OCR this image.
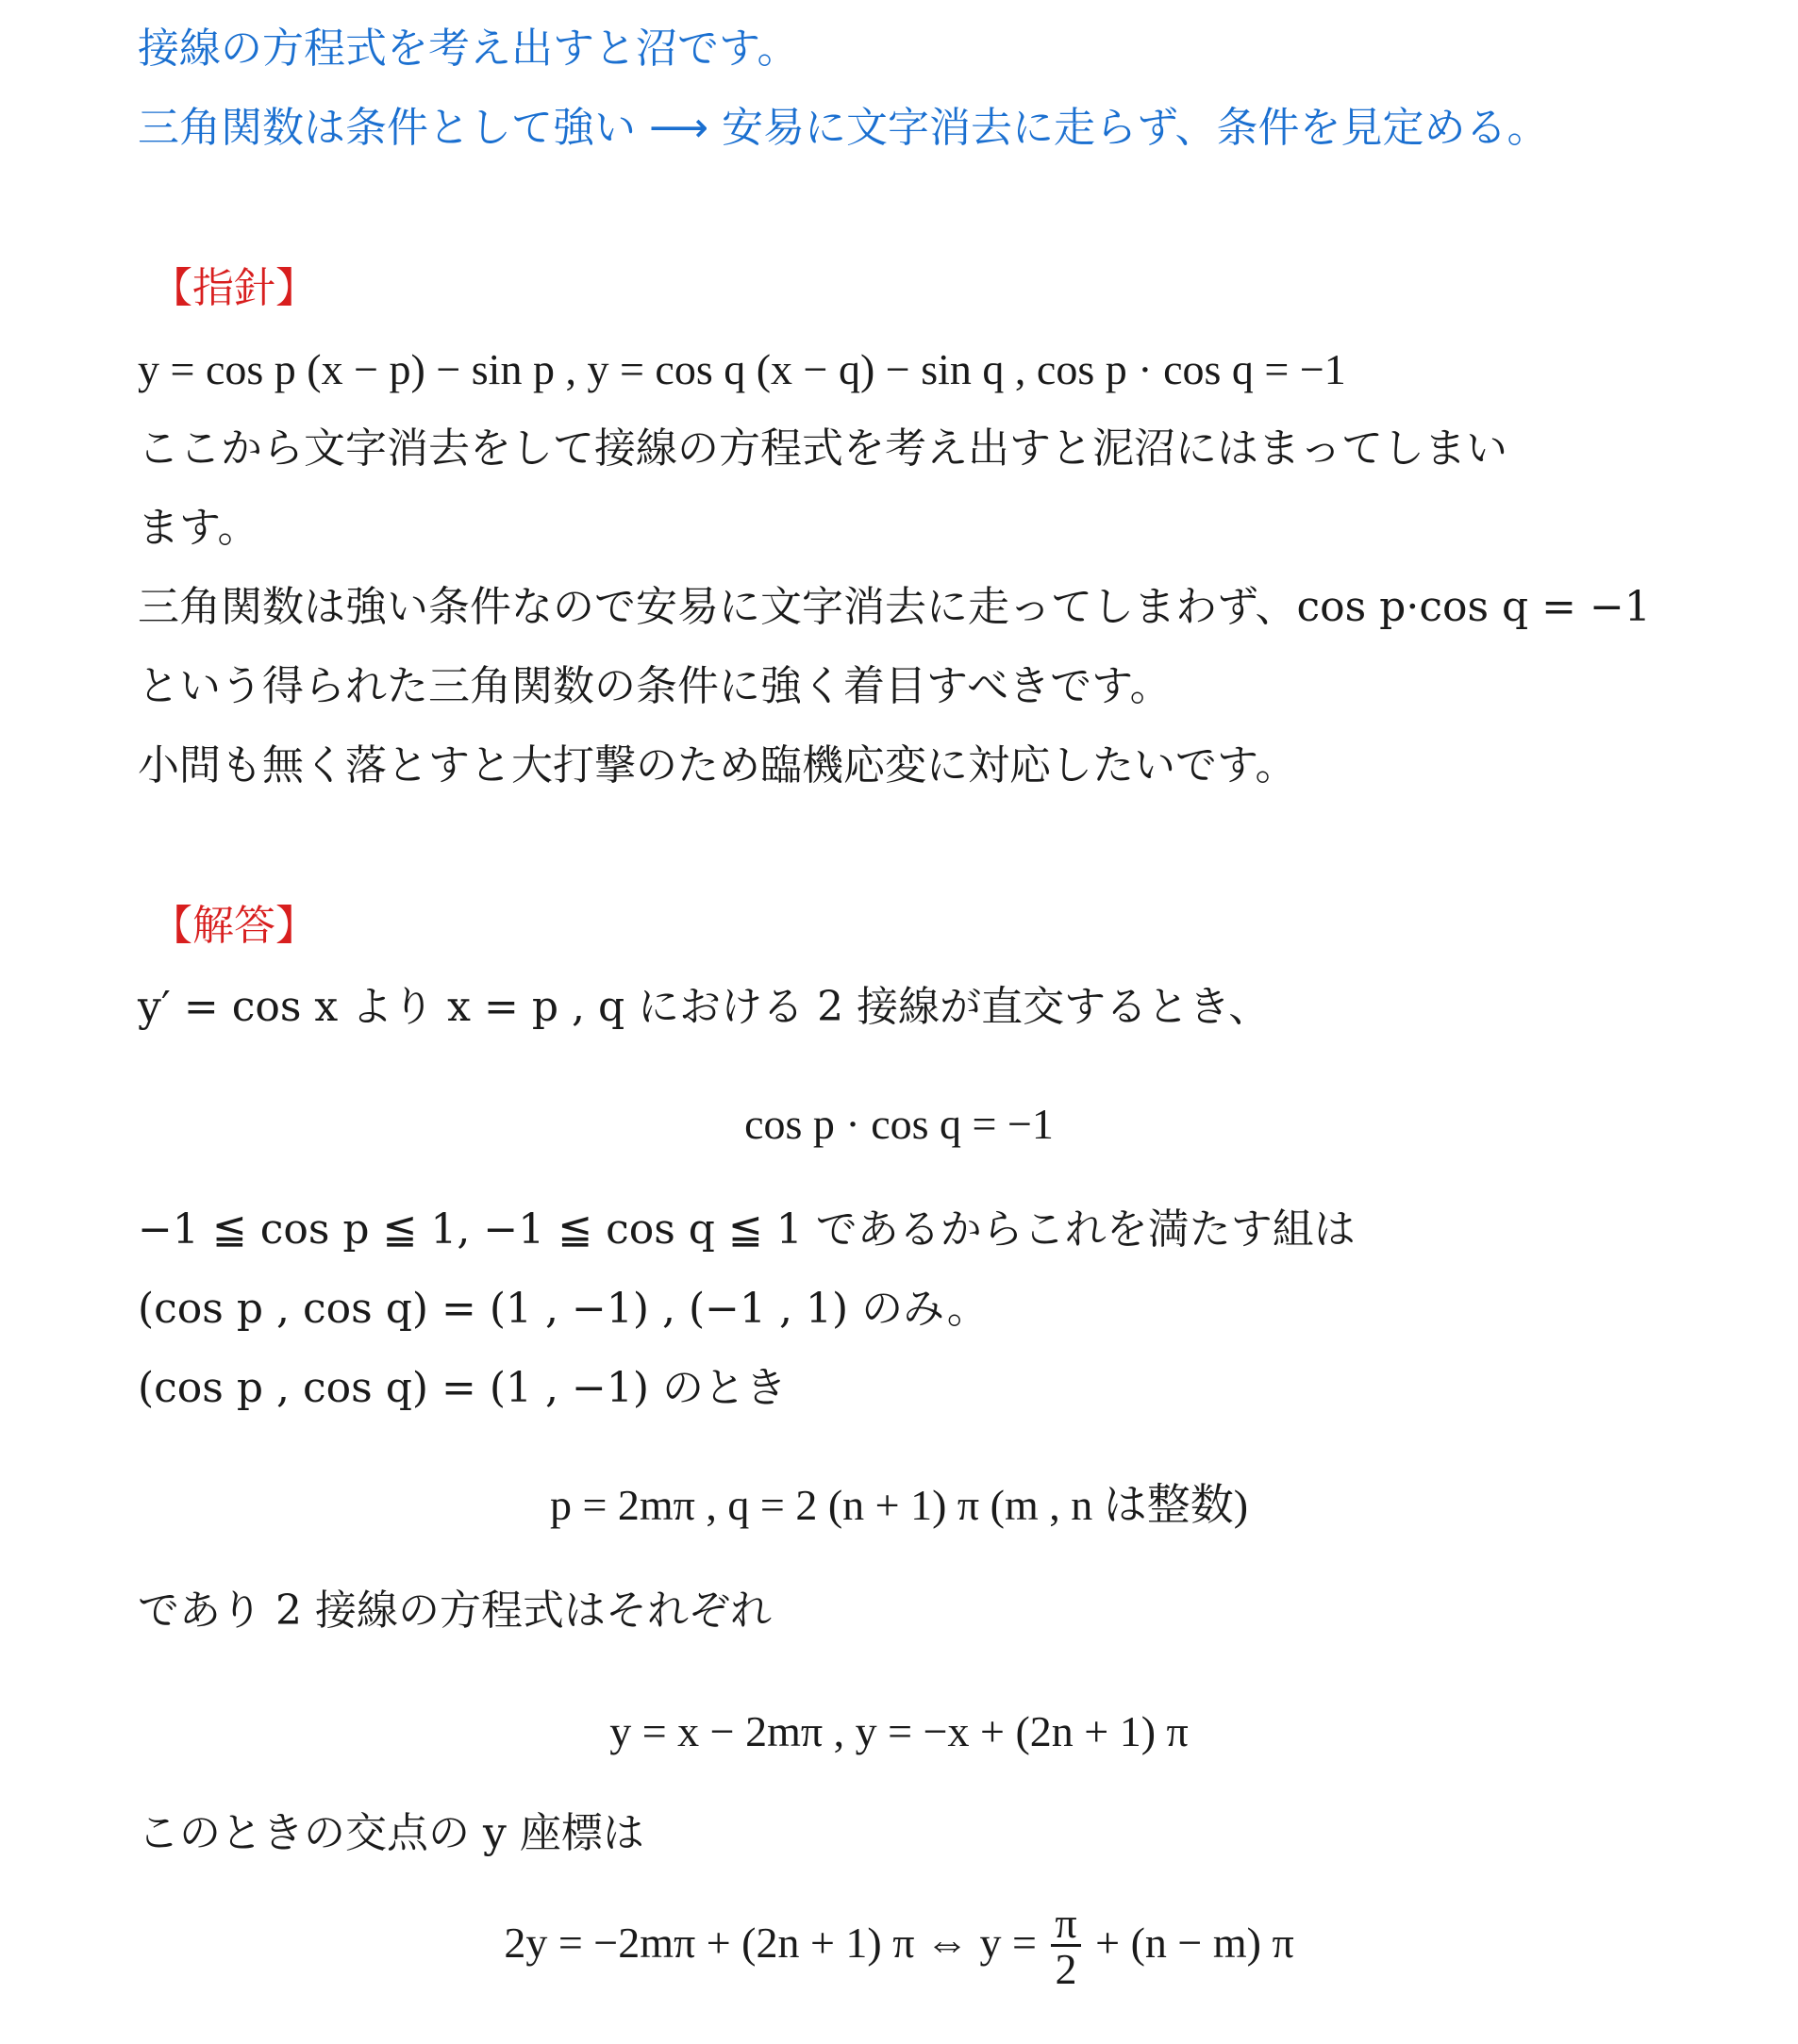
接線の方程式を考え出すと沼です。
三角関数は条件として強い ⟶ 安易に文字消去に走らず、条件を見定める。
【指針】
y = cos p (x − p) − sin p , y = cos q (x − q) − sin q , cos p · cos q = −1
ここから文字消去をして接線の方程式を考え出すと泥沼にはまってしまい
ます。
三角関数は強い条件なので安易に文字消去に走ってしまわず、cos p·cos q = −1
という得られた三角関数の条件に強く着目すべきです。
小問も無く落とすと大打撃のため臨機応変に対応したいです。
【解答】
y′ = cos x より x = p , q における 2 接線が直交するとき、
cos p · cos q = −1
−1 ≦ cos p ≦ 1, −1 ≦ cos q ≦ 1 であるからこれを満たす組は
(cos p , cos q) = (1 , −1) , (−1 , 1) のみ。
(cos p , cos q) = (1 , −1) のとき
p = 2mπ , q = 2 (n + 1) π (m , n は整数)
であり 2 接線の方程式はそれぞれ
y = x − 2mπ , y = −x + (2n + 1) π
このときの交点の y 座標は
2y = −2mπ + (2n + 1) π ⇔ $y = \frac{\pi}{2} + (n - m)$ π
